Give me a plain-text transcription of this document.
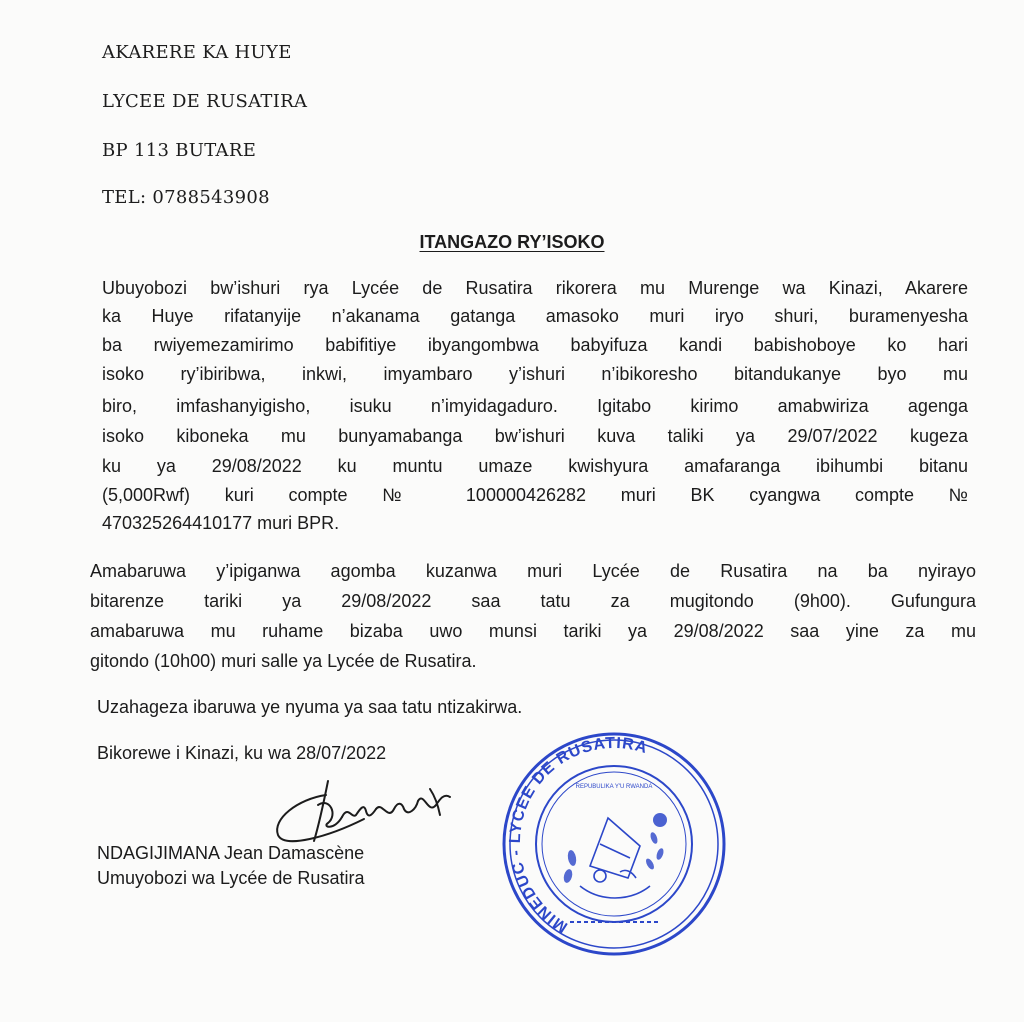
AKARERE KA HUYE
LYCEE DE RUSATIRA
BP 113 BUTARE
TEL: 0788543908
ITANGAZO RY’ISOKO
Ubuyobozi bw’ishuri rya Lycée de Rusatira rikorera mu Murenge wa Kinazi, Akarere
ka Huye rifatanyije n’akanama gatanga amasoko muri iryo shuri, buramenyesha
ba rwiyemezamirimo babifitiye ibyangombwa babyifuza kandi babishoboye ko hari
isoko ry’ibiribwa, inkwi, imyambaro y’ishuri n’ibikoresho bitandukanye byo mu
biro, imfashanyigisho, isuku n’imyidagaduro. Igitabo kirimo amabwiriza agenga
isoko kiboneka mu bunyamabanga bw’ishuri kuva taliki ya 29/07/2022 kugeza
ku ya 29/08/2022 ku muntu umaze kwishyura amafaranga ibihumbi bitanu
(5,000Rwf) kuri compte № 100000426282 muri BK cyangwa compte №
470325264410177 muri BPR.
Amabaruwa y’ipiganwa agomba kuzanwa muri Lycée de Rusatira na ba nyirayo
bitarenze tariki ya 29/08/2022 saa tatu za mugitondo (9h00). Gufungura
amabaruwa mu ruhame bizaba uwo munsi tariki ya 29/08/2022 saa yine za mu
gitondo (10h00) muri salle ya Lycée de Rusatira.
Uzahageza ibaruwa ye nyuma ya saa tatu ntizakirwa.
Bikorewe i Kinazi, ku wa 28/07/2022
NDAGIJIMANA Jean Damascène
Umuyobozi wa Lycée de Rusatira
MINEDUC - LYCEE DE RUSATIRA
REPUBULIKA Y'U RWANDA
